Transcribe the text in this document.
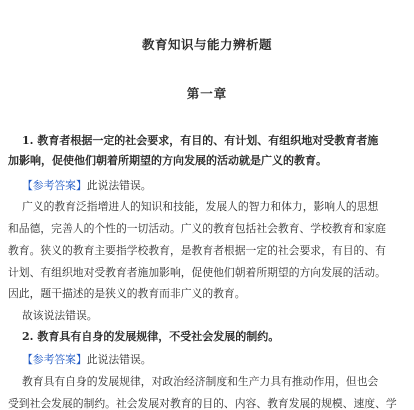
教育知识与能力辨析题
第一章
1. 教育者根据一定的社会要求，有目的、有计划、有组织地对受教育者施
加影响，促使他们朝着所期望的方向发展的活动就是广义的教育。
【参考答案】此说法错误。
广义的教育泛指增进人的知识和技能，发展人的智力和体力，影响人的思想
和品德，完善人的个性的一切活动。广义的教育包括社会教育、学校教育和家庭
教育。狭义的教育主要指学校教育，是教育者根据一定的社会要求，有目的、有
计划、有组织地对受教育者施加影响，促使他们朝着所期望的方向发展的活动。
因此，题干描述的是狭义的教育而非广义的教育。
故该说法错误。
2. 教育具有自身的发展规律，不受社会发展的制约。
【参考答案】此说法错误。
教育具有自身的发展规律，对政治经济制度和生产力具有推动作用，但也会
受到社会发展的制约。社会发展对教育的目的、内容、教育发展的规模、速度、学
